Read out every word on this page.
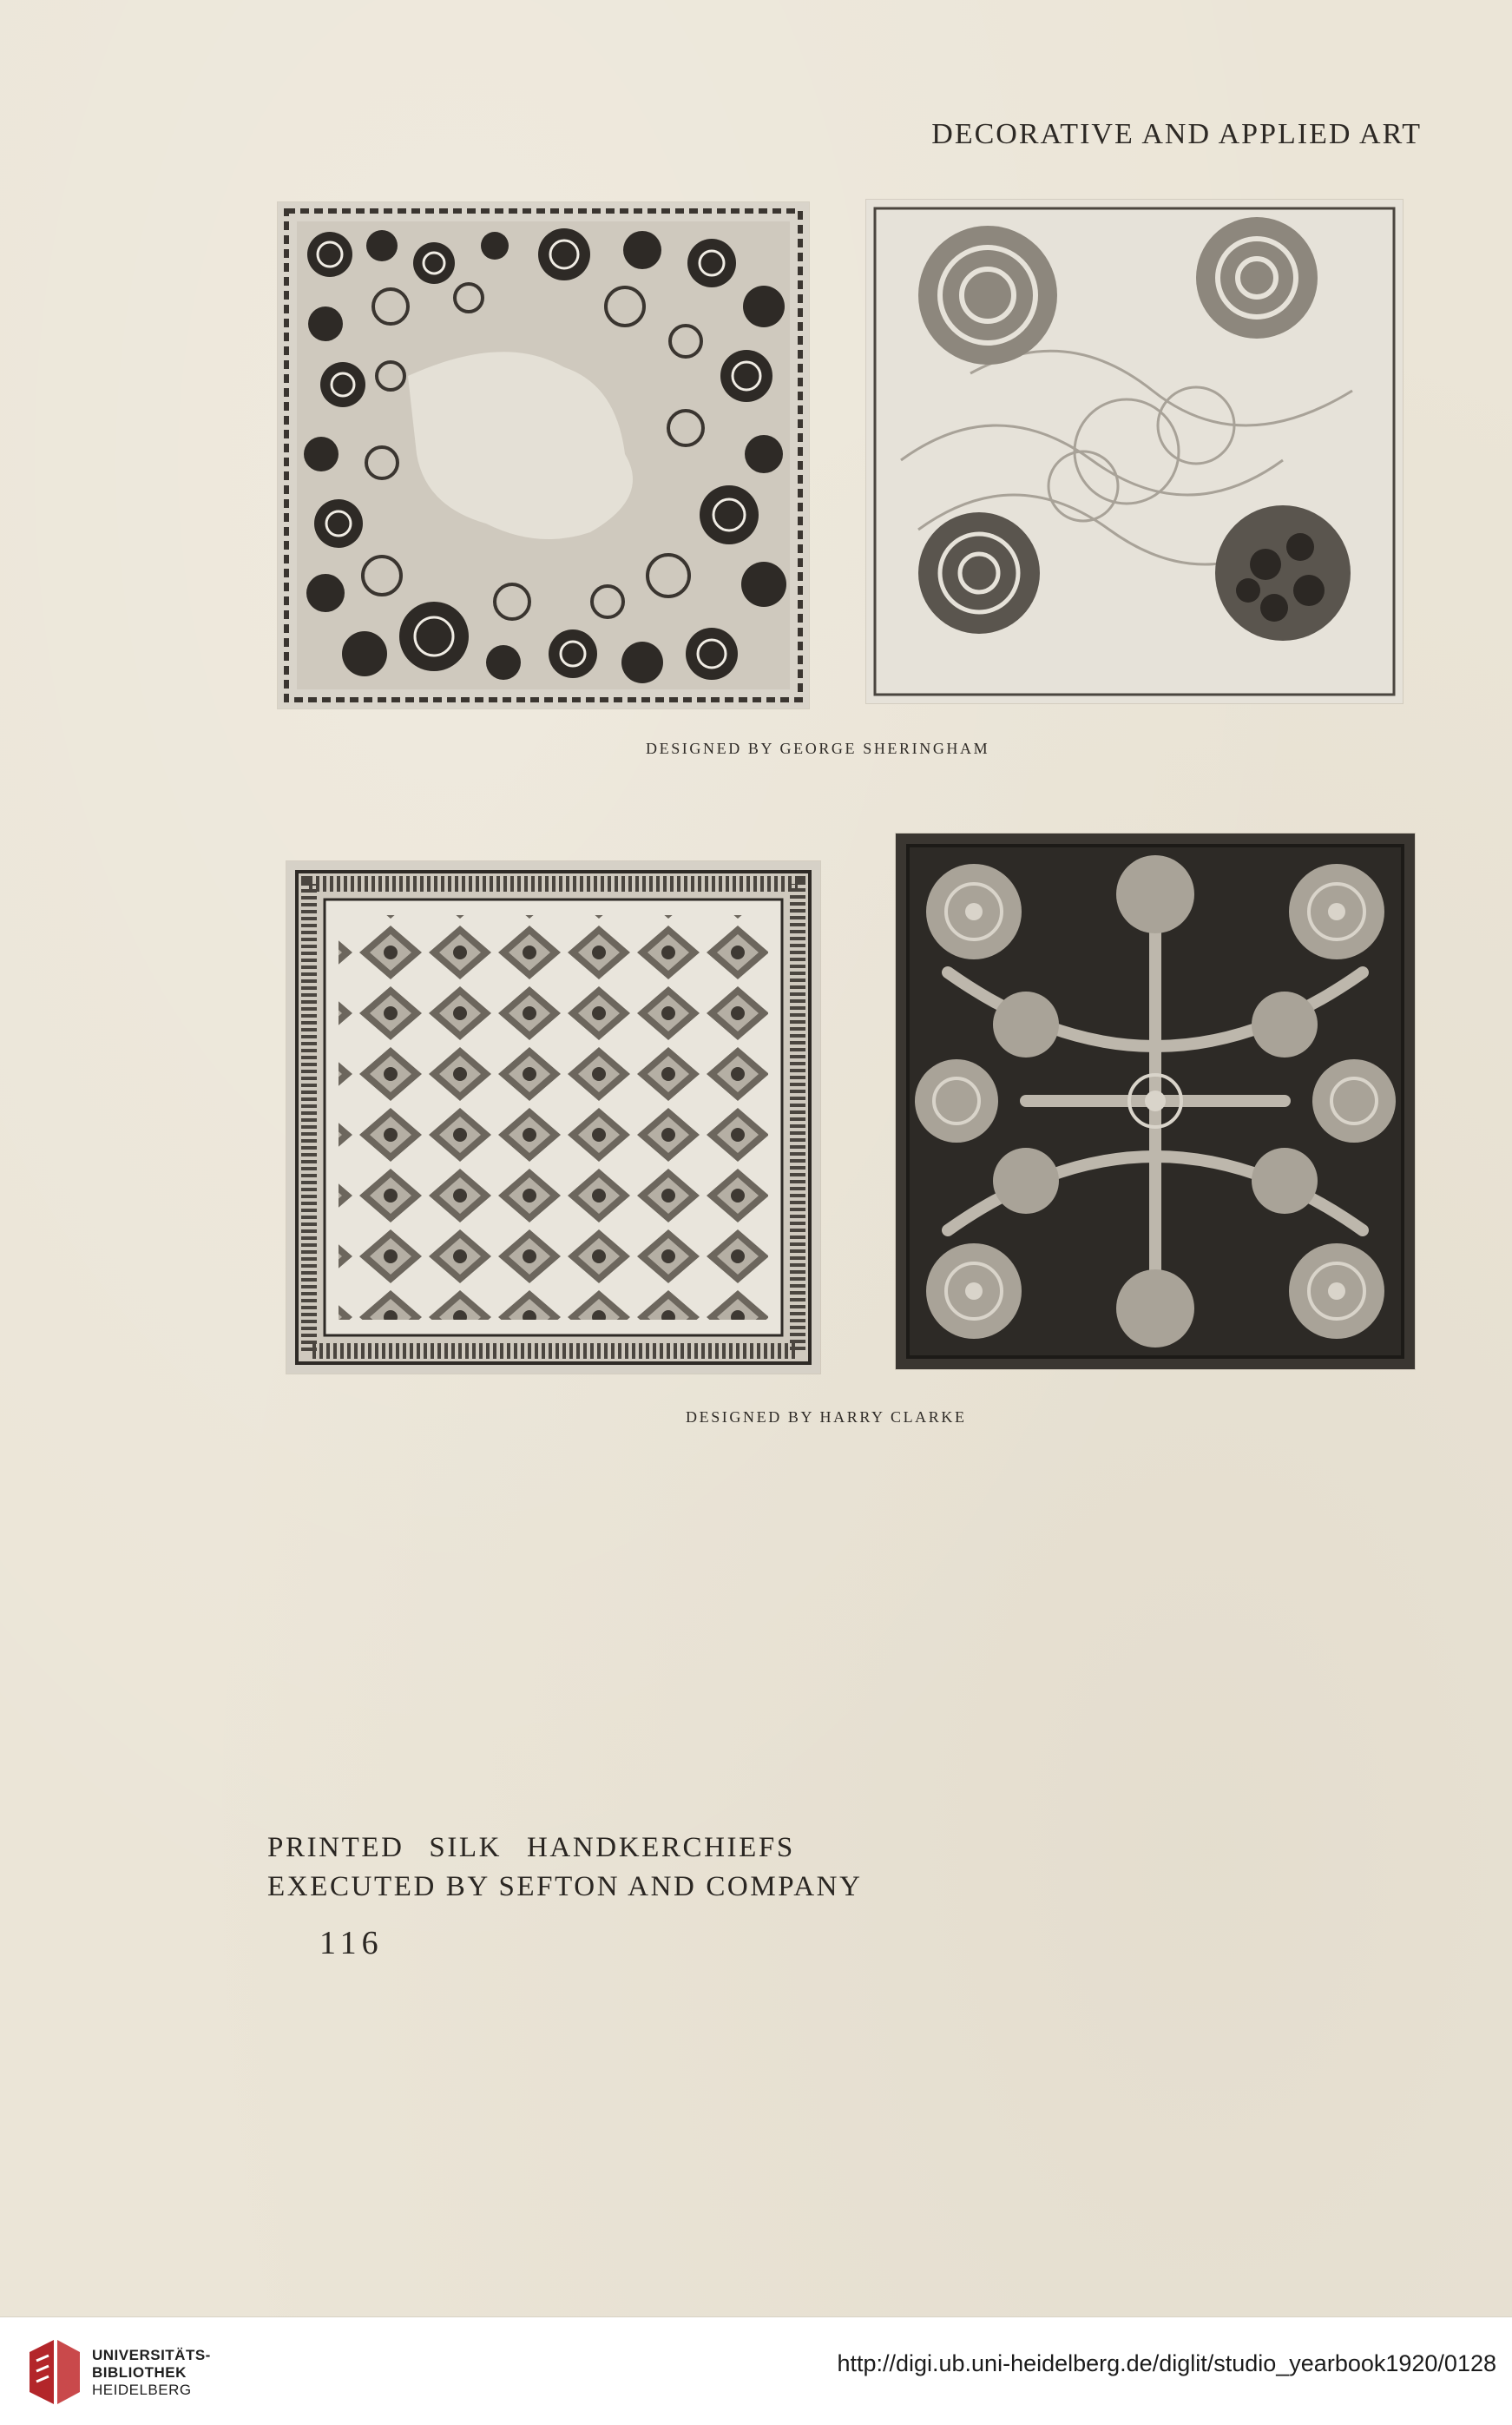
DECORATIVE AND APPLIED ART
DESIGNED BY GEORGE SHERINGHAM
DESIGNED BY HARRY CLARKE
PRINTED SILK HANDKERCHIEFS
EXECUTED BY SEFTON AND COMPANY
116
UNIVERSITÄTS-
BIBLIOTHEK
HEIDELBERG
http://digi.ub.uni-heidelberg.de/diglit/studio_yearbook1920/0128
